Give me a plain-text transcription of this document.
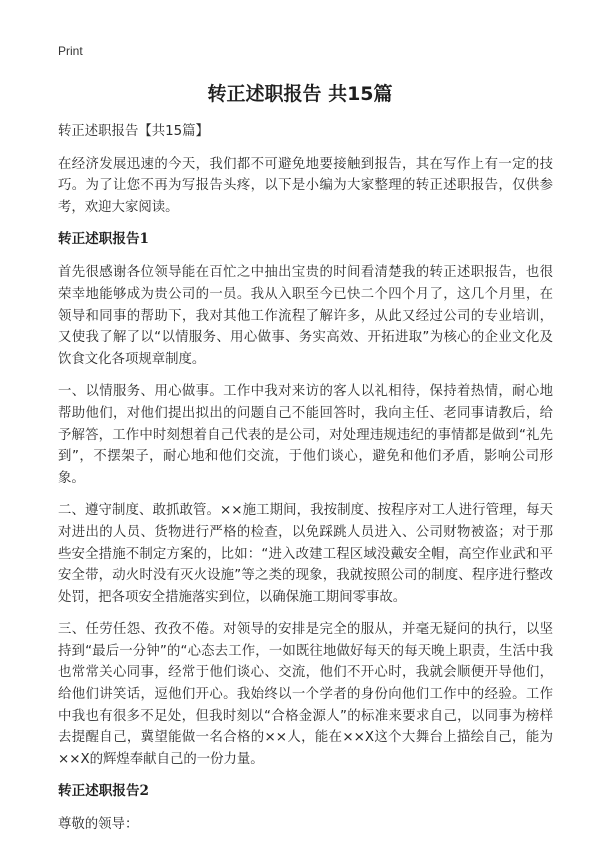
Print
转正述职报告 共15篇

转正述职报告【共15篇】

在经济发展迅速的今天，我们都不可避免地要接触到报告，其在写作上有一定的技巧。为了让您不再为写报告头疼，以下是小编为大家整理的转正述职报告，仅供参考，欢迎大家阅读。

转正述职报告1

首先很感谢各位领导能在百忙之中抽出宝贵的时间看清楚我的转正述职报告，也很荣幸地能够成为贵公司的一员。我从入职至今已快二个四个月了，这几个月里，在领导和同事的帮助下，我对其他工作流程了解许多，从此又经过公司的专业培训，又使我了解了以“以情服务、用心做事、务实高效、开拓进取”为核心的企业文化及饮食文化各项规章制度。

一、以情服务、用心做事。工作中我对来访的客人以礼相待，保持着热情，耐心地帮助他们，对他们提出拟出的问题自己不能回答时，我向主任、老同事请教后，给予解答，工作中时刻想着自己代表的是公司，对处理违规违纪的事情都是做到“礼先到”，不摆架子，耐心地和他们交流，于他们谈心，避免和他们矛盾，影响公司形象。

二、遵守制度、敢抓敢管。××施工期间，我按制度、按程序对工人进行管理，每天对进出的人员、货物进行严格的检查，以免踩跳人员进入、公司财物被盗；对于那些安全措施不制定方案的，比如：“进入改建工程区域没戴安全帽，高空作业武和平安全带，动火时没有灭火设施”等之类的现象，我就按照公司的制度、程序进行整改处罚，把各项安全措施落实到位，以确保施工期间零事故。

三、任劳任怨、孜孜不倦。对领导的安排是完全的服从，并毫无疑问的执行，以坚持到“最后一分钟”的“心态去工作，一如既往地做好每天的每天晚上职责，生活中我也常常关心同事，经常于他们谈心、交流，他们不开心时，我就会顺便开导他们，给他们讲笑话，逗他们开心。我始终以一个学者的身份向他们工作中的经验。工作中我也有很多不足处，但我时刻以“合格金源人”的标准来要求自己，以同事为榜样去提醒自己，冀望能做一名合格的××人，能在××X这个大舞台上描绘自己，能为××X的辉煌奉献自己的一份力量。

转正述职报告2

尊敬的领导：
